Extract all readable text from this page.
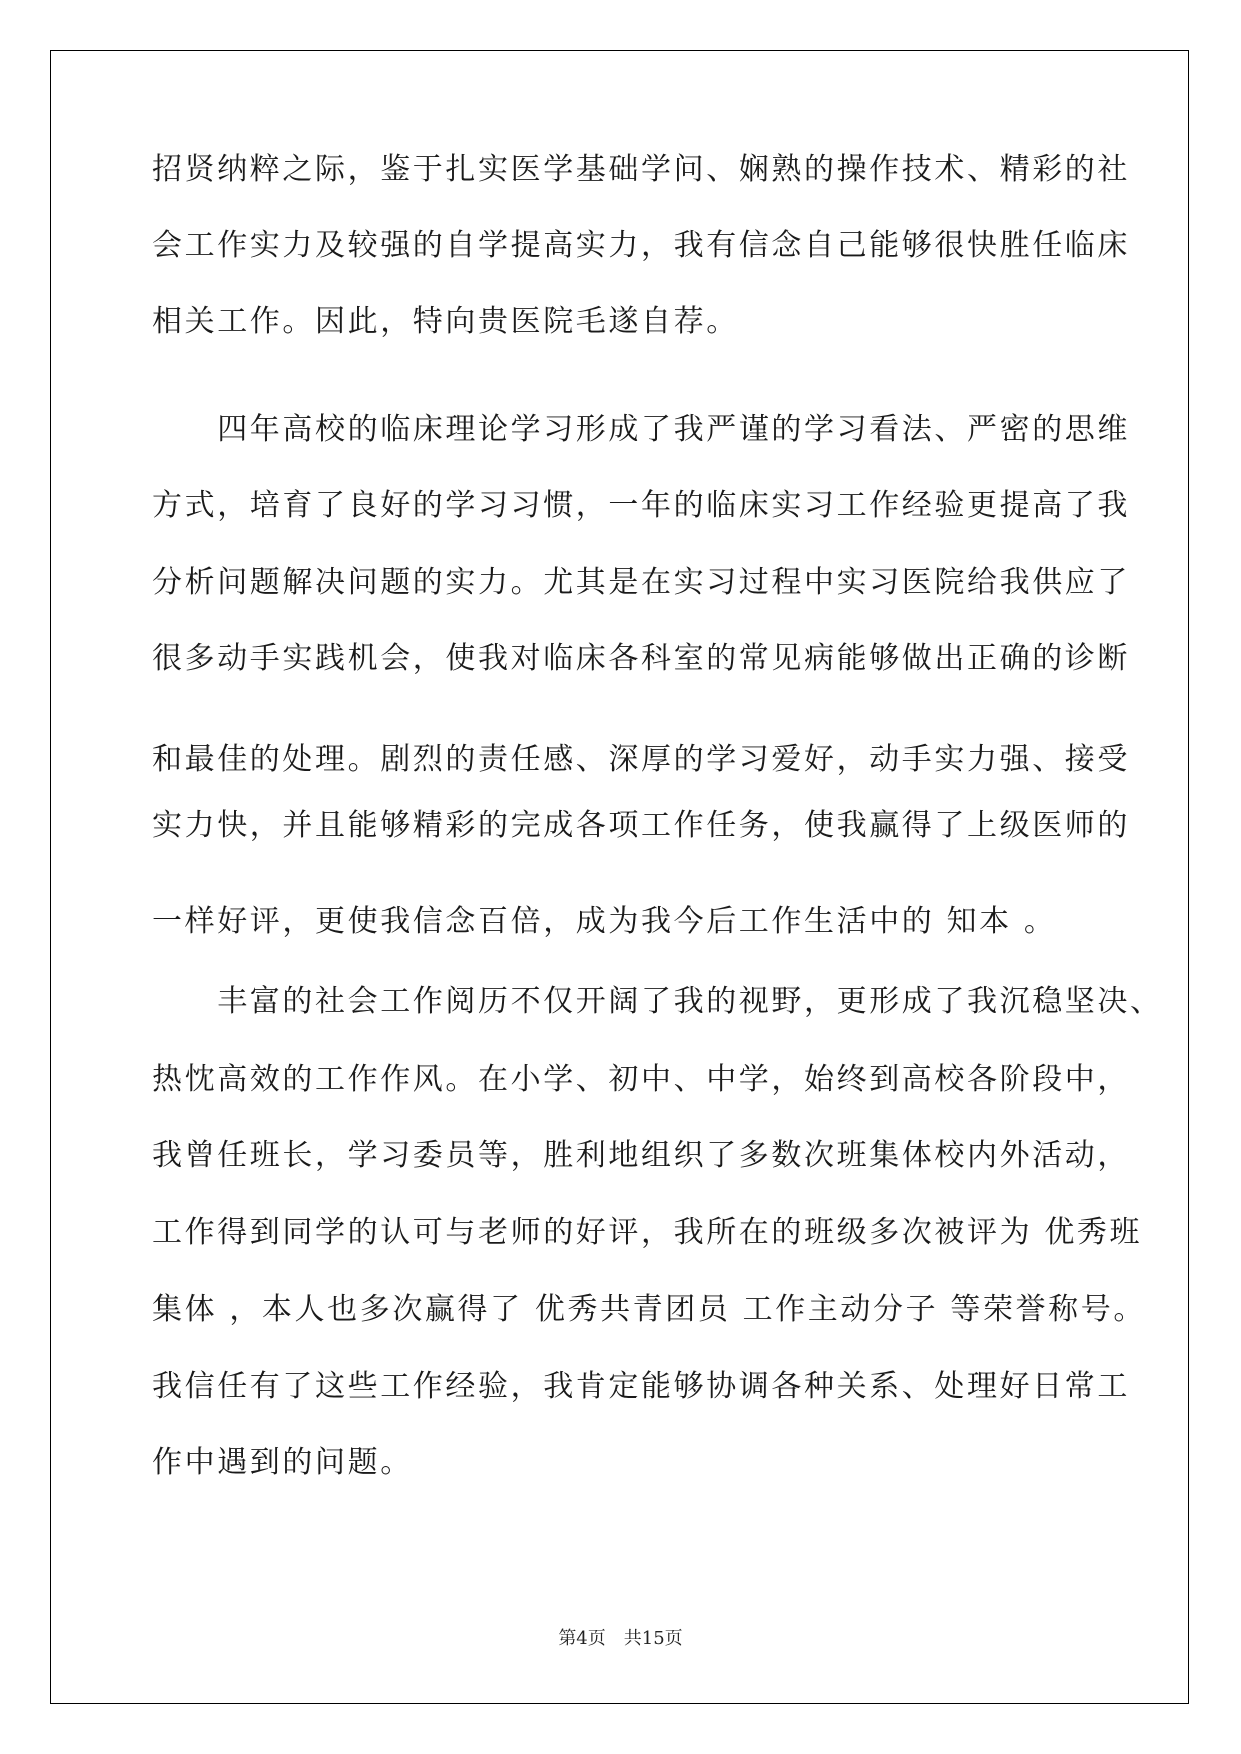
招贤纳粹之际，鉴于扎实医学基础学问、娴熟的操作技术、精彩的社
会工作实力及较强的自学提高实力，我有信念自己能够很快胜任临床
相关工作。因此，特向贵医院毛遂自荐。
　　四年高校的临床理论学习形成了我严谨的学习看法、严密的思维
方式，培育了良好的学习习惯，一年的临床实习工作经验更提高了我
分析问题解决问题的实力。尤其是在实习过程中实习医院给我供应了
很多动手实践机会，使我对临床各科室的常见病能够做出正确的诊断
和最佳的处理。剧烈的责任感、深厚的学习爱好，动手实力强、接受
实力快，并且能够精彩的完成各项工作任务，使我赢得了上级医师的
一样好评，更使我信念百倍，成为我今后工作生活中的 知本 。
　　丰富的社会工作阅历不仅开阔了我的视野，更形成了我沉稳坚决、
热忱高效的工作作风。在小学、初中、中学，始终到高校各阶段中，
我曾任班长，学习委员等，胜利地组织了多数次班集体校内外活动，
工作得到同学的认可与老师的好评，我所在的班级多次被评为 优秀班
集体 ，本人也多次赢得了 优秀共青团员 工作主动分子 等荣誉称号。
我信任有了这些工作经验，我肯定能够协调各种关系、处理好日常工
作中遇到的问题。
第4页　共15页
